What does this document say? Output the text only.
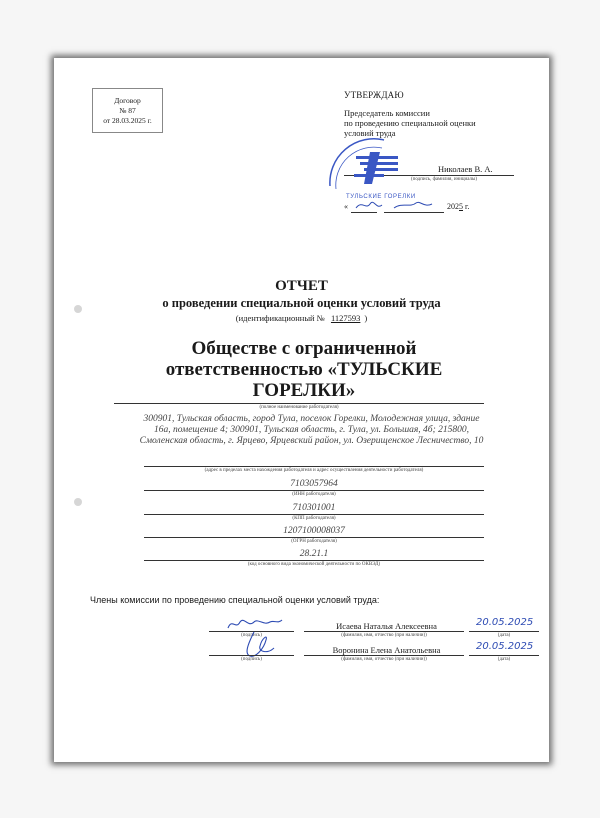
Договор
№ 87
от 28.03.2025 г.
УТВЕРЖДАЮ
Председатель комиссии
по проведению специальной оценки
условий труда
Николаев В. А.
(подпись, фамилия, инициалы)
«	2025 г.
ТУЛЬСКИЕ ГОРЕЛКИ
ОТЧЕТ
о проведении специальной оценки условий труда
(идентификационный № 1127593 )
Обществе с ограниченной ответственностью «ТУЛЬСКИЕ ГОРЕЛКИ»
(полное наименование работодателя)
300901, Тульская область, город Тула, поселок Горелки, Молодежная улица, здание 16а, помещение 4; 300901, Тульская область, г. Тула, ул. Большая, 4б; 215800, Смоленская область, г. Ярцево, Ярцевский район, ул. Озерищенское Лесничество, 10
(адрес в пределах места нахождения работодателя и адрес осуществления деятельности работодателя)
7103057964
(ИНН работодателя)
710301001
(КПП работодателя)
1207100008037
(ОГРН работодателя)
28.21.1
(код основного вида экономической деятельности по ОКВЭД)
Члены комиссии по проведению специальной оценки условий труда:
(подпись)
Исаева Наталья Алексеевна
(фамилия, имя, отчество (при наличии))
20.05.2025
(дата)
(подпись)
Воронина Елена Анатольевна
(фамилия, имя, отчество (при наличии))
20.05.2025
(дата)
